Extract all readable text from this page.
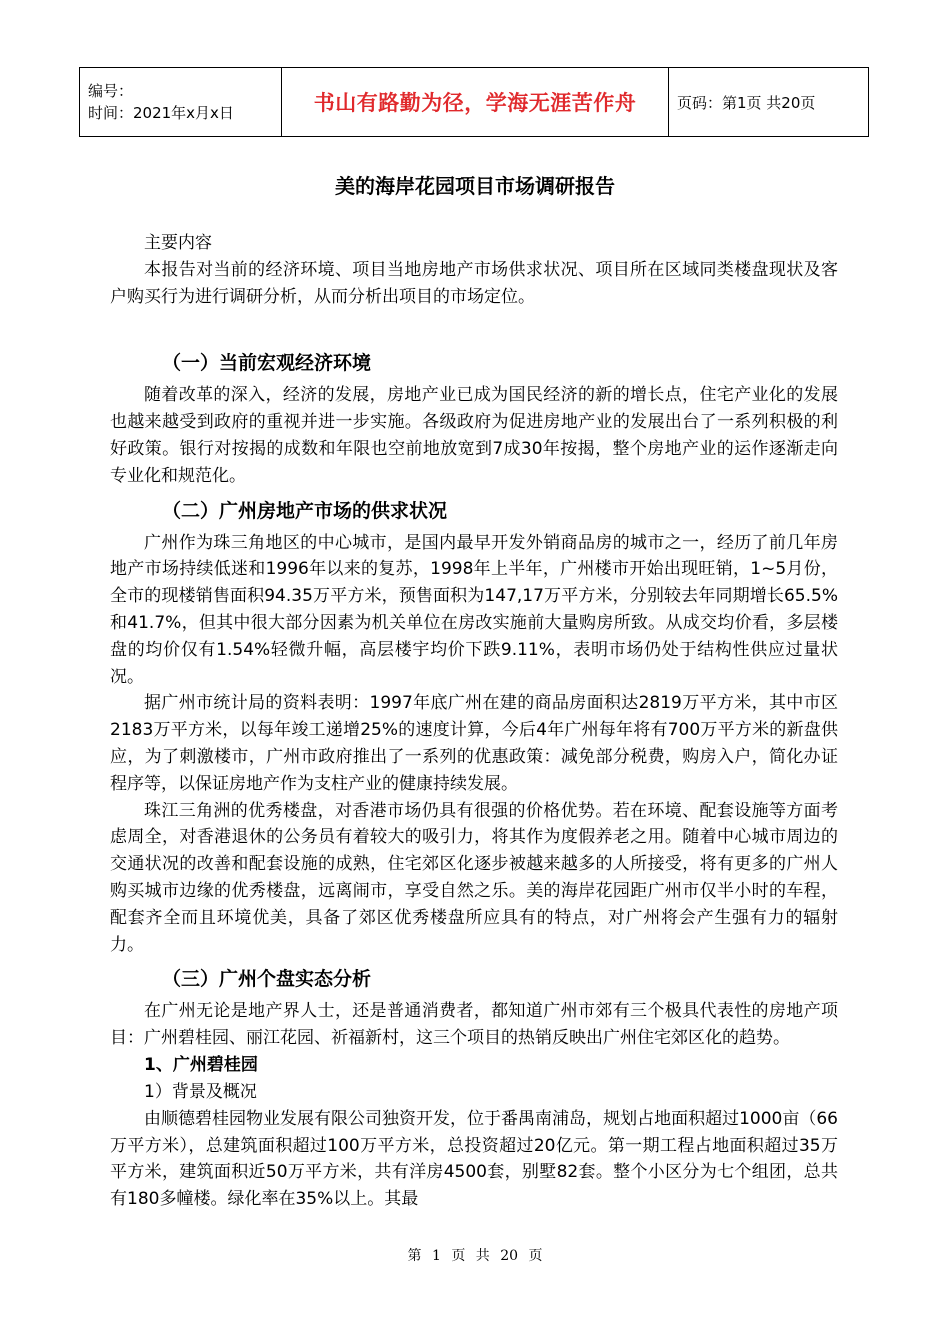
编号：
时间：2021年x月x日	书山有路勤为径，学海无涯苦作舟	页码：第1页 共20页
美的海岸花园项目市场调研报告

主要内容

本报告对当前的经济环境、项目当地房地产市场供求状况、项目所在区域同类楼盘现状及客户购买行为进行调研分析，从而分析出项目的市场定位。

（一）当前宏观经济环境

随着改革的深入，经济的发展，房地产业已成为国民经济的新的增长点，住宅产业化的发展也越来越受到政府的重视并进一步实施。各级政府为促进房地产业的发展出台了一系列积极的利好政策。银行对按揭的成数和年限也空前地放宽到7成30年按揭，整个房地产业的运作逐渐走向专业化和规范化。

（二）广州房地产市场的供求状况

广州作为珠三角地区的中心城市，是国内最早开发外销商品房的城市之一，经历了前几年房地产市场持续低迷和1996年以来的复苏，1998年上半年，广州楼市开始出现旺销，1~5月份，全市的现楼销售面积94.35万平方米，预售面积为147,17万平方米，分别较去年同期增长65.5%和41.7%，但其中很大部分因素为机关单位在房改实施前大量购房所致。从成交均价看，多层楼盘的均价仅有1.54%轻微升幅，高层楼宇均价下跌9.11%，表明市场仍处于结构性供应过量状况。

据广州市统计局的资料表明：1997年底广州在建的商品房面积达2819万平方米，其中市区2183万平方米，以每年竣工递增25%的速度计算，今后4年广州每年将有700万平方米的新盘供应，为了刺激楼市，广州市政府推出了一系列的优惠政策：减免部分税费，购房入户，简化办证程序等，以保证房地产作为支柱产业的健康持续发展。

珠江三角洲的优秀楼盘，对香港市场仍具有很强的价格优势。若在环境、配套设施等方面考虑周全，对香港退休的公务员有着较大的吸引力，将其作为度假养老之用。随着中心城市周边的交通状况的改善和配套设施的成熟，住宅郊区化逐步被越来越多的人所接受，将有更多的广州人购买城市边缘的优秀楼盘，远离闹市，享受自然之乐。美的海岸花园距广州市仅半小时的车程，配套齐全而且环境优美，具备了郊区优秀楼盘所应具有的特点，对广州将会产生强有力的辐射力。

（三）广州个盘实态分析

在广州无论是地产界人士，还是普通消费者，都知道广州市郊有三个极具代表性的房地产项目：广州碧桂园、丽江花园、祈福新村，这三个项目的热销反映出广州住宅郊区化的趋势。

1、广州碧桂园

1）背景及概况

由顺德碧桂园物业发展有限公司独资开发，位于番禺南浦岛，规划占地面积超过1000亩（66万平方米），总建筑面积超过100万平方米，总投资超过20亿元。第一期工程占地面积超过35万平方米，建筑面积近50万平方米，共有洋房4500套，别墅82套。整个小区分为七个组团，总共有180多幢楼。绿化率在35%以上。其最

第 1 页 共 20 页
